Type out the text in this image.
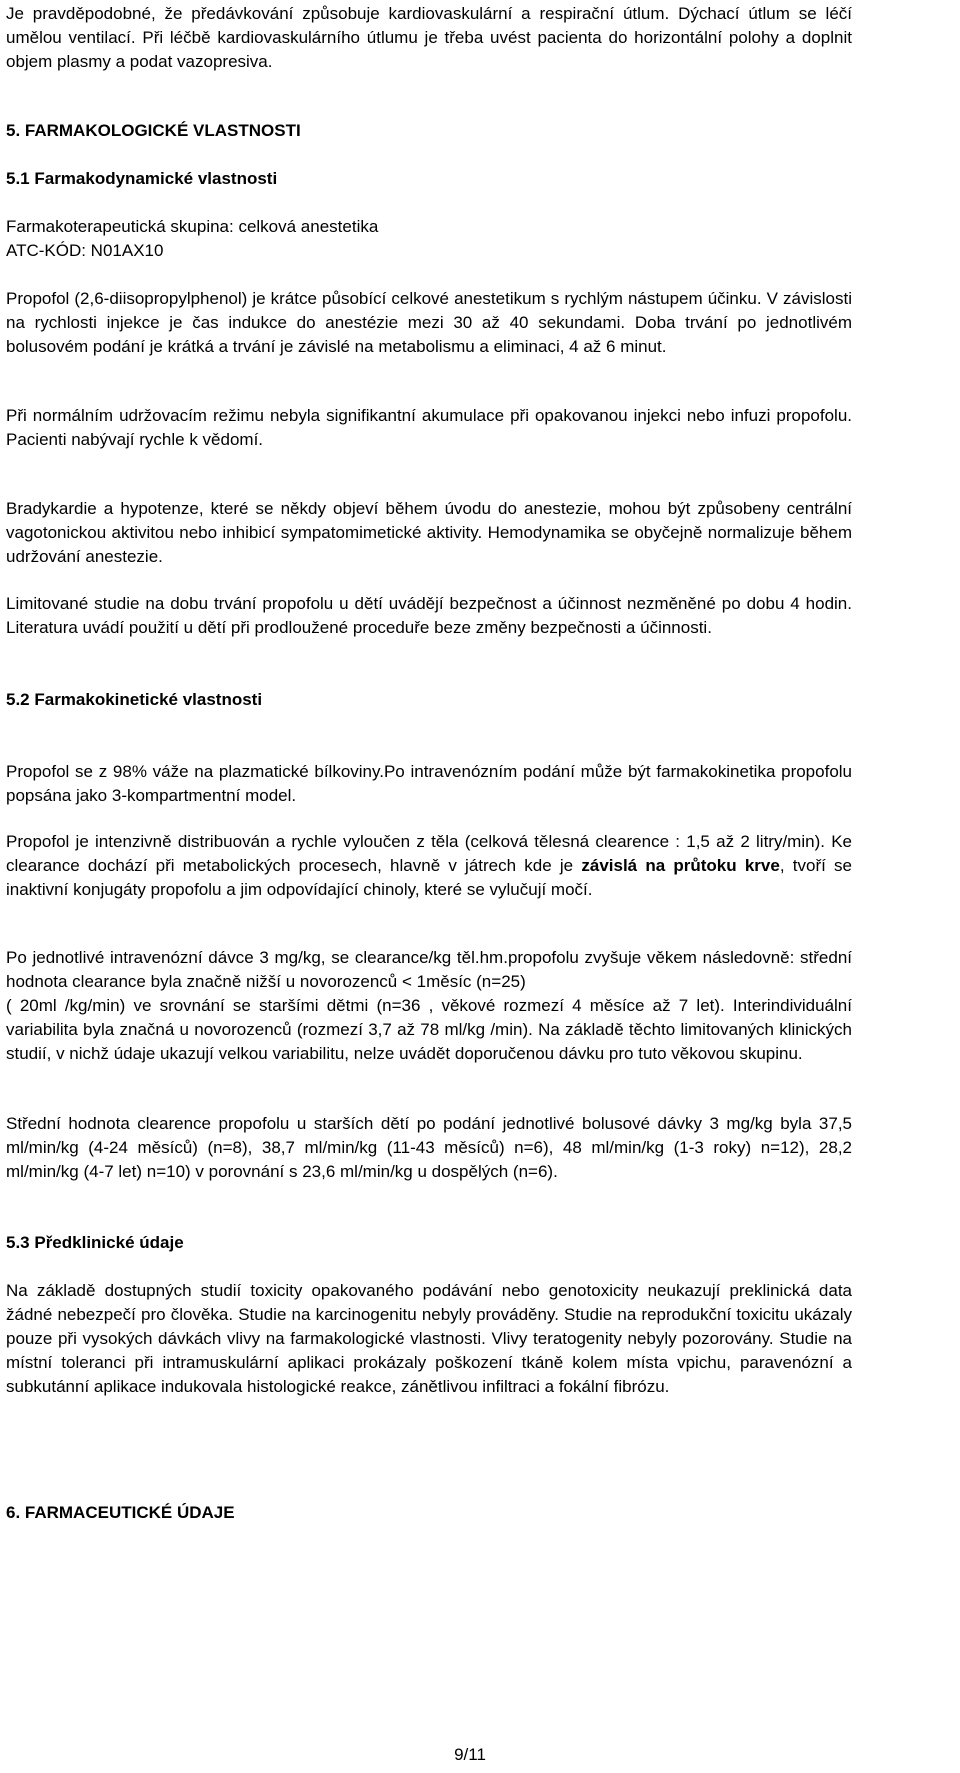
Je pravděpodobné, že předávkování způsobuje kardiovaskulární a respirační útlum. Dýchací útlum se léčí umělou ventilací. Při léčbě kardiovaskulárního útlumu je třeba uvést pacienta do horizontální polohy a doplnit objem plasmy a podat vazopresiva.

5. FARMAKOLOGICKÉ VLASTNOSTI

5.1 Farmakodynamické vlastnosti

Farmakoterapeutická skupina: celková anestetika

ATC-KÓD: N01AX10

Propofol (2,6-diisopropylphenol) je krátce působící celkové anestetikum s rychlým nástupem účinku. V závislosti na rychlosti injekce je čas indukce do anestézie mezi 30 až 40 sekundami. Doba trvání po jednotlivém bolusovém podání je krátká a trvání je závislé na metabolismu a eliminaci, 4 až 6 minut.

Při normálním udržovacím režimu nebyla signifikantní akumulace při opakovanou injekci nebo infuzi propofolu. Pacienti nabývají rychle k vědomí.

Bradykardie a hypotenze, které se někdy objeví během úvodu do anestezie, mohou být způsobeny centrální vagotonickou aktivitou nebo inhibicí sympatomimetické aktivity. Hemodynamika se obyčejně normalizuje během udržování anestezie.

Limitované studie na dobu trvání propofolu u dětí uvádějí bezpečnost a účinnost nezměněné po dobu 4 hodin. Literatura uvádí použití u dětí při prodloužené proceduře beze změny bezpečnosti a účinnosti.

5.2 Farmakokinetické vlastnosti

Propofol se z 98% váže na plazmatické bílkoviny.Po intravenózním podání může být farmakokinetika propofolu popsána jako 3-kompartmentní model.

Propofol je intenzivně distribuován a rychle vyloučen z těla (celková tělesná clearence : 1,5 až 2 litry/min). Ke clearance dochází při metabolických procesech, hlavně v játrech kde je závislá na průtoku krve, tvoří se inaktivní konjugáty propofolu a jim odpovídající chinoly, které se vylučují močí.

Po jednotlivé intravenózní dávce 3 mg/kg, se clearance/kg těl.hm.propofolu zvyšuje věkem následovně: střední hodnota clearance byla značně nižší u novorozenců < 1měsíc (n=25)

( 20ml /kg/min) ve srovnání se staršími dětmi (n=36 , věkové rozmezí 4 měsíce až 7 let). Interindividuální variabilita byla značná u novorozenců (rozmezí 3,7 až 78 ml/kg /min). Na základě těchto limitovaných klinických studií, v nichž údaje ukazují velkou variabilitu, nelze uvádět doporučenou dávku pro tuto věkovou skupinu.

Střední hodnota clearence propofolu u starších dětí po podání jednotlivé bolusové dávky 3 mg/kg byla 37,5 ml/min/kg (4-24 měsíců) (n=8), 38,7 ml/min/kg (11-43 měsíců) n=6), 48 ml/min/kg (1-3 roky) n=12), 28,2 ml/min/kg (4-7 let) n=10) v porovnání s 23,6 ml/min/kg u dospělých (n=6).

5.3 Předklinické údaje

Na základě dostupných studií toxicity opakovaného podávání nebo genotoxicity neukazují preklinická data žádné nebezpečí pro člověka. Studie na karcinogenitu nebyly prováděny. Studie na reprodukční toxicitu ukázaly pouze při vysokých dávkách vlivy na farmakologické vlastnosti. Vlivy teratogenity nebyly pozorovány. Studie na místní toleranci při intramuskulární aplikaci prokázaly poškození tkáně kolem místa vpichu, paravenózní a subkutánní aplikace indukovala histologické reakce, zánětlivou infiltraci a fokální fibrózu.

6. FARMACEUTICKÉ ÚDAJE

9/11
